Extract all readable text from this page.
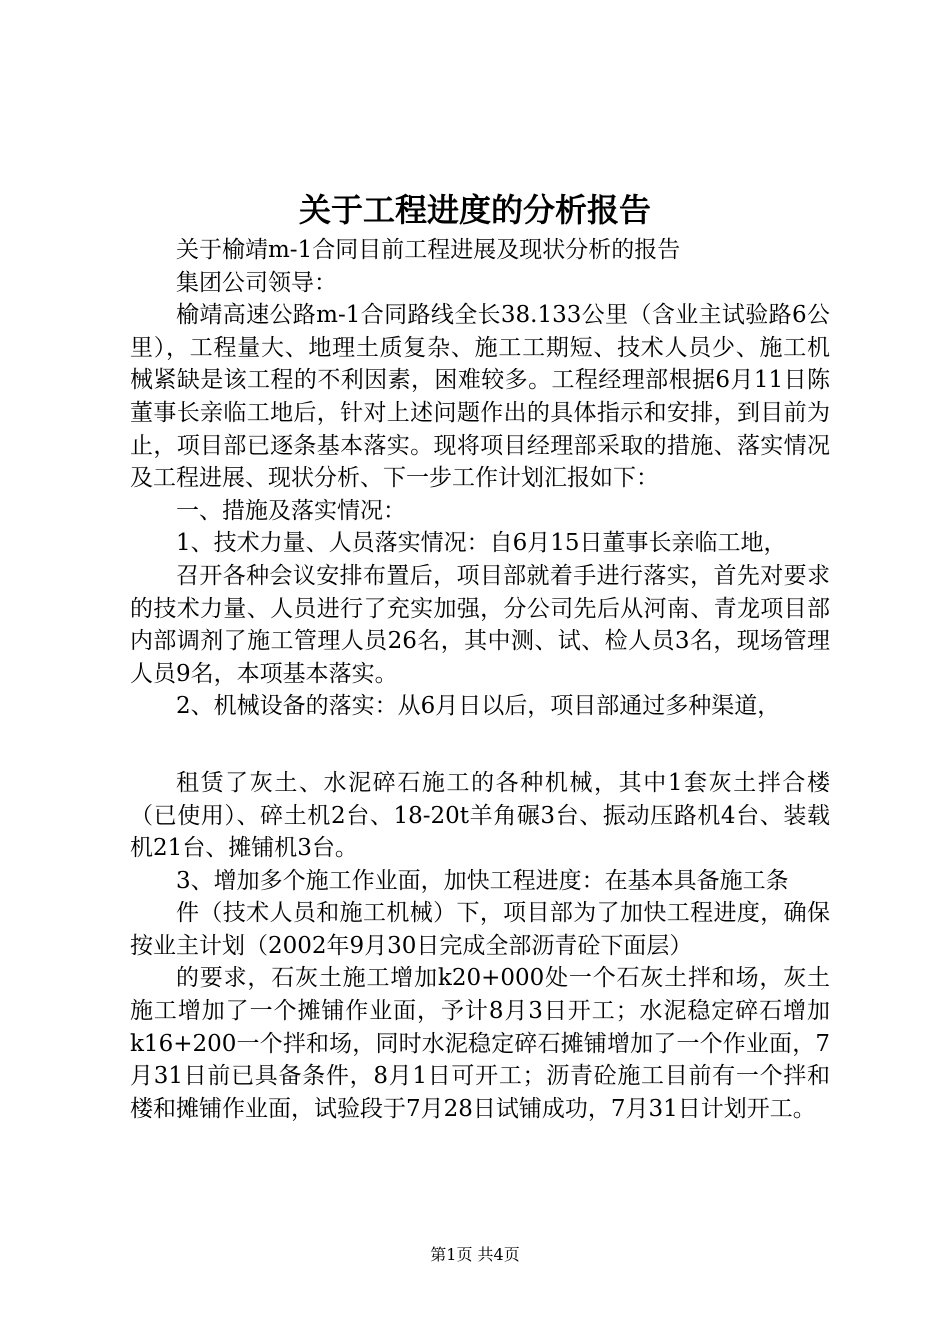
关于工程进度的分析报告

关于榆靖m-1合同目前工程进展及现状分析的报告

集团公司领导：

榆靖高速公路m-1合同路线全长38.133公里（含业主试验路6公里），工程量大、地理土质复杂、施工工期短、技术人员少、施工机械紧缺是该工程的不利因素，困难较多。工程经理部根据6月11日陈董事长亲临工地后，针对上述问题作出的具体指示和安排，到目前为止，项目部已逐条基本落实。现将项目经理部采取的措施、落实情况及工程进展、现状分析、下一步工作计划汇报如下：

一、措施及落实情况：

1、技术力量、人员落实情况：自6月15日董事长亲临工地，

召开各种会议安排布置后，项目部就着手进行落实，首先对要求的技术力量、人员进行了充实加强，分公司先后从河南、青龙项目部内部调剂了施工管理人员26名，其中测、试、检人员3名，现场管理人员9名，本项基本落实。

2、机械设备的落实：从6月日以后，项目部通过多种渠道，

租赁了灰土、水泥碎石施工的各种机械，其中1套灰土拌合楼（已使用）、碎土机2台、18-20t羊角碾3台、振动压路机4台、装载机21台、摊铺机3台。

3、增加多个施工作业面，加快工程进度：在基本具备施工条

件（技术人员和施工机械）下，项目部为了加快工程进度，确保按业主计划（2002年9月30日完成全部沥青砼下面层）

的要求，石灰土施工增加k20+000处一个石灰土拌和场，灰土施工增加了一个摊铺作业面，予计8月3日开工；水泥稳定碎石增加k16+200一个拌和场，同时水泥稳定碎石摊铺增加了一个作业面，7月31日前已具备条件，8月1日可开工；沥青砼施工目前有一个拌和楼和摊铺作业面，试验段于7月28日试铺成功，7月31日计划开工。

第1页 共4页
